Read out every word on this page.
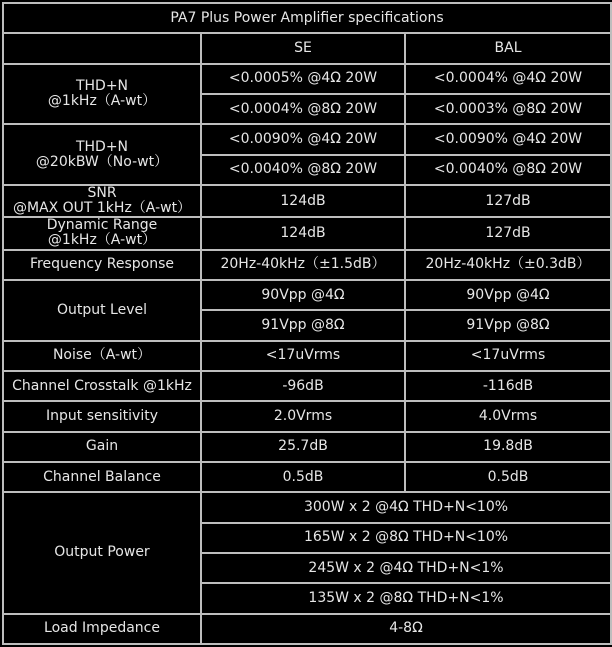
PA7 Plus Power Amplifier specifications		
	SE	BAL
THD+N
@1kHz（A-wt）	<0.0005% @4Ω 20W	<0.0004% @4Ω 20W
	<0.0004% @8Ω 20W	<0.0003% @8Ω 20W
THD+N
@20kBW（No-wt）	<0.0090% @4Ω 20W	<0.0090% @4Ω 20W
	<0.0040% @8Ω 20W	<0.0040% @8Ω 20W
SNR
@MAX OUT 1kHz（A-wt）	124dB	127dB
Dynamic Range
@1kHz（A-wt）	124dB	127dB
Frequency Response	20Hz-40kHz（±1.5dB）	20Hz-40kHz（±0.3dB）
Output Level	90Vpp @4Ω	90Vpp @4Ω
	91Vpp @8Ω	91Vpp @8Ω
Noise（A-wt）	<17uVrms	<17uVrms
Channel Crosstalk @1kHz	-96dB	-116dB
Input sensitivity	2.0Vrms	4.0Vrms
Gain	25.7dB	19.8dB
Channel Balance	0.5dB	0.5dB
Output Power	300W x 2 @4Ω THD+N<10%	
	165W x 2 @8Ω THD+N<10%	
	245W x 2 @4Ω THD+N<1%	
	135W x 2 @8Ω THD+N<1%	
Load Impedance	4-8Ω	
